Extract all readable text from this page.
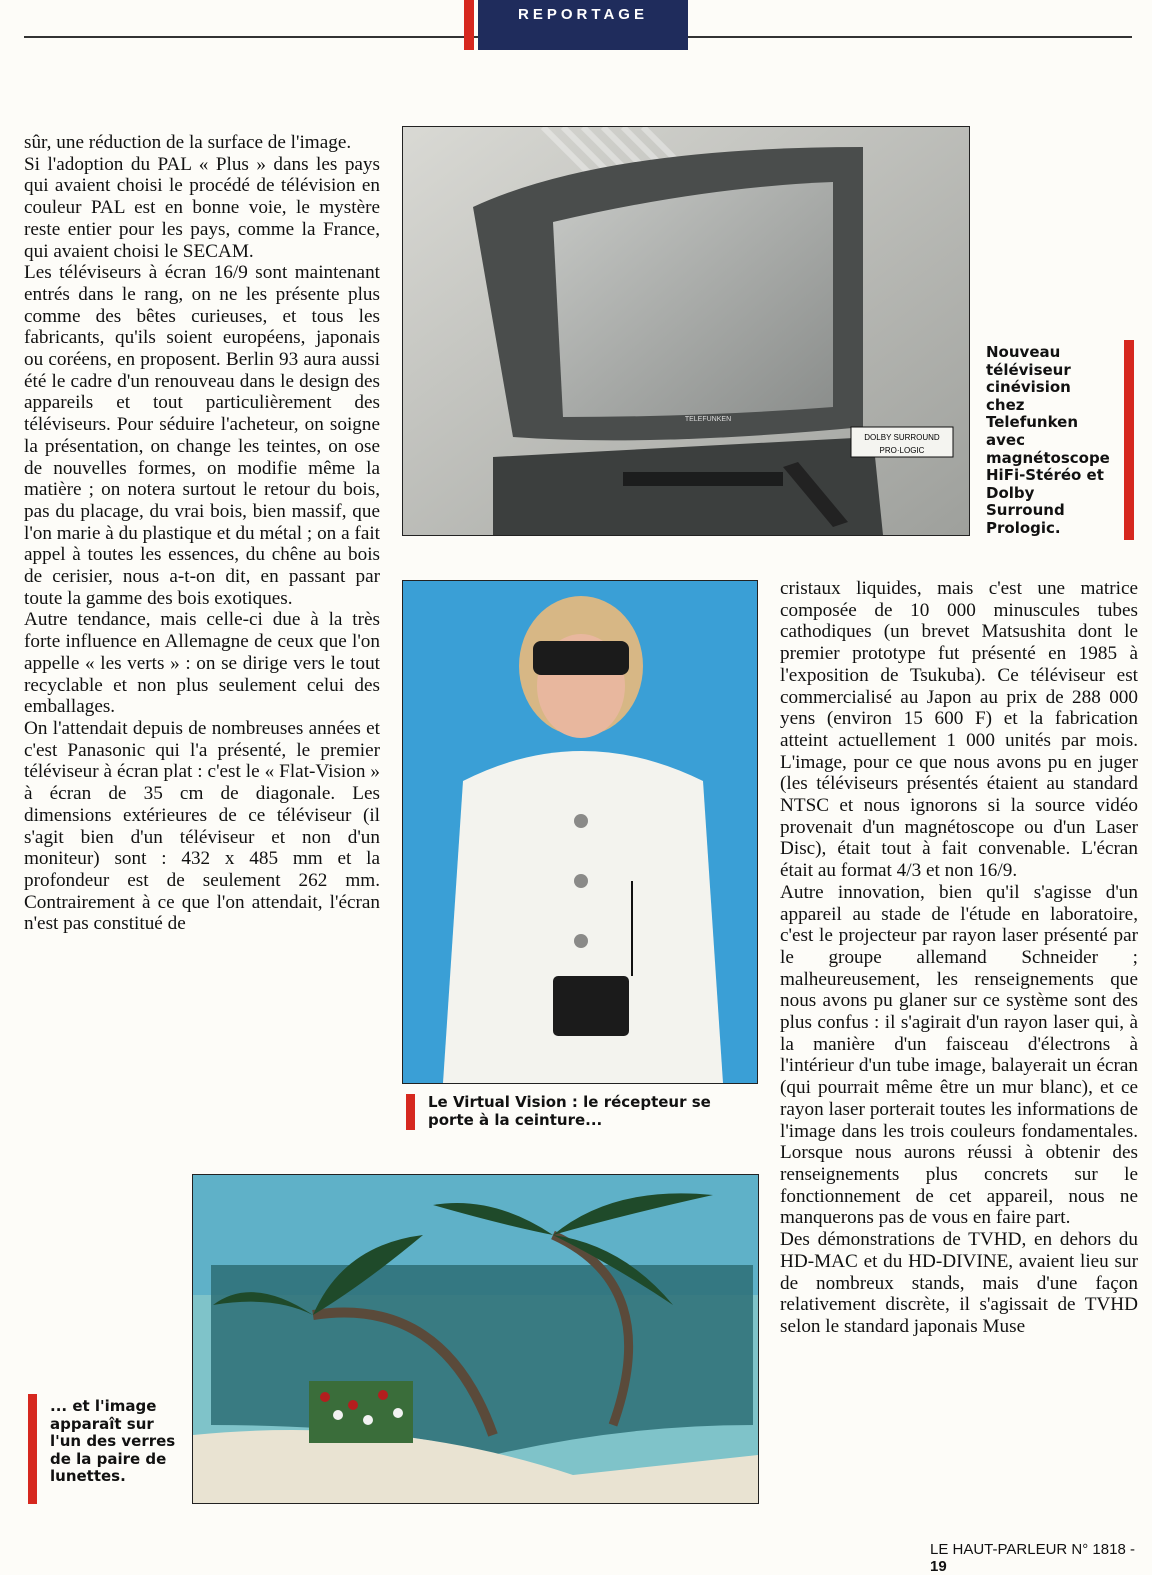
REPORTAGE

sûr, une réduction de la surface de l'image.

Si l'adoption du PAL « Plus » dans les pays qui avaient choisi le procédé de télévision en couleur PAL est en bonne voie, le mystère reste entier pour les pays, comme la France, qui avaient choisi le SECAM.

Les téléviseurs à écran 16/9 sont maintenant entrés dans le rang, on ne les présente plus comme des bêtes curieuses, et tous les fabricants, qu'ils soient européens, japonais ou coréens, en proposent. Berlin 93 aura aussi été le cadre d'un renouveau dans le design des appareils et tout particulièrement des téléviseurs. Pour séduire l'acheteur, on soigne la présentation, on change les teintes, on ose de nouvelles formes, on modifie même la matière ; on notera surtout le retour du bois, pas du placage, du vrai bois, bien massif, que l'on marie à du plastique et du métal ; on a fait appel à toutes les essences, du chêne au bois de cerisier, nous a-t-on dit, en passant par toute la gamme des bois exotiques.

Autre tendance, mais celle-ci due à la très forte influence en Allemagne de ceux que l'on appelle « les verts » : on se dirige vers le tout recyclable et non plus seulement celui des emballages.

On l'attendait depuis de nombreuses années et c'est Panasonic qui l'a présenté, le premier téléviseur à écran plat : c'est le « Flat-Vision » à écran de 35 cm de diagonale. Les dimensions extérieures de ce téléviseur (il s'agit bien d'un téléviseur et non d'un moniteur) sont : 432 x 485 mm et la profondeur est de seulement 262 mm. Contrairement à ce que l'on attendait, l'écran n'est pas constitué de

DOLBY SURROUND
PRO·LOGIC
TELEFUNKEN
Nouveau téléviseur cinévision chez Telefunken avec magnétoscope HiFi-Stéréo et Dolby Surround Prologic.
Le Virtual Vision : le récepteur se porte à la ceinture...

cristaux liquides, mais c'est une matrice composée de 10 000 minuscules tubes cathodiques (un brevet Matsushita dont le premier prototype fut présenté en 1985 à l'exposition de Tsukuba). Ce téléviseur est commercialisé au Japon au prix de 288 000 yens (environ 15 600 F) et la fabrication atteint actuellement 1 000 unités par mois. L'image, pour ce que nous avons pu en juger (les téléviseurs présentés étaient au standard NTSC et nous ignorons si la source vidéo provenait d'un magnétoscope ou d'un Laser Disc), était tout à fait convenable. L'écran était au format 4/3 et non 16/9.

Autre innovation, bien qu'il s'agisse d'un appareil au stade de l'étude en laboratoire, c'est le projecteur par rayon laser présenté par le groupe allemand Schneider ; malheureusement, les renseignements que nous avons pu glaner sur ce système sont des plus confus : il s'agirait d'un rayon laser qui, à la manière d'un faisceau d'électrons à l'intérieur d'un tube image, balayerait un écran (qui pourrait même être un mur blanc), et ce rayon laser porterait toutes les informations de l'image dans les trois couleurs fondamentales. Lorsque nous aurons réussi à obtenir des renseignements plus concrets sur le fonctionnement de cet appareil, nous ne manquerons pas de vous en faire part.

Des démonstrations de TVHD, en dehors du HD-MAC et du HD-DIVINE, avaient lieu sur de nombreux stands, mais d'une façon relativement discrète, il s'agissait de TVHD selon le standard japonais Muse

... et l'image apparaît sur l'un des verres de la paire de lunettes.
LE HAUT-PARLEUR N° 1818 - 19
